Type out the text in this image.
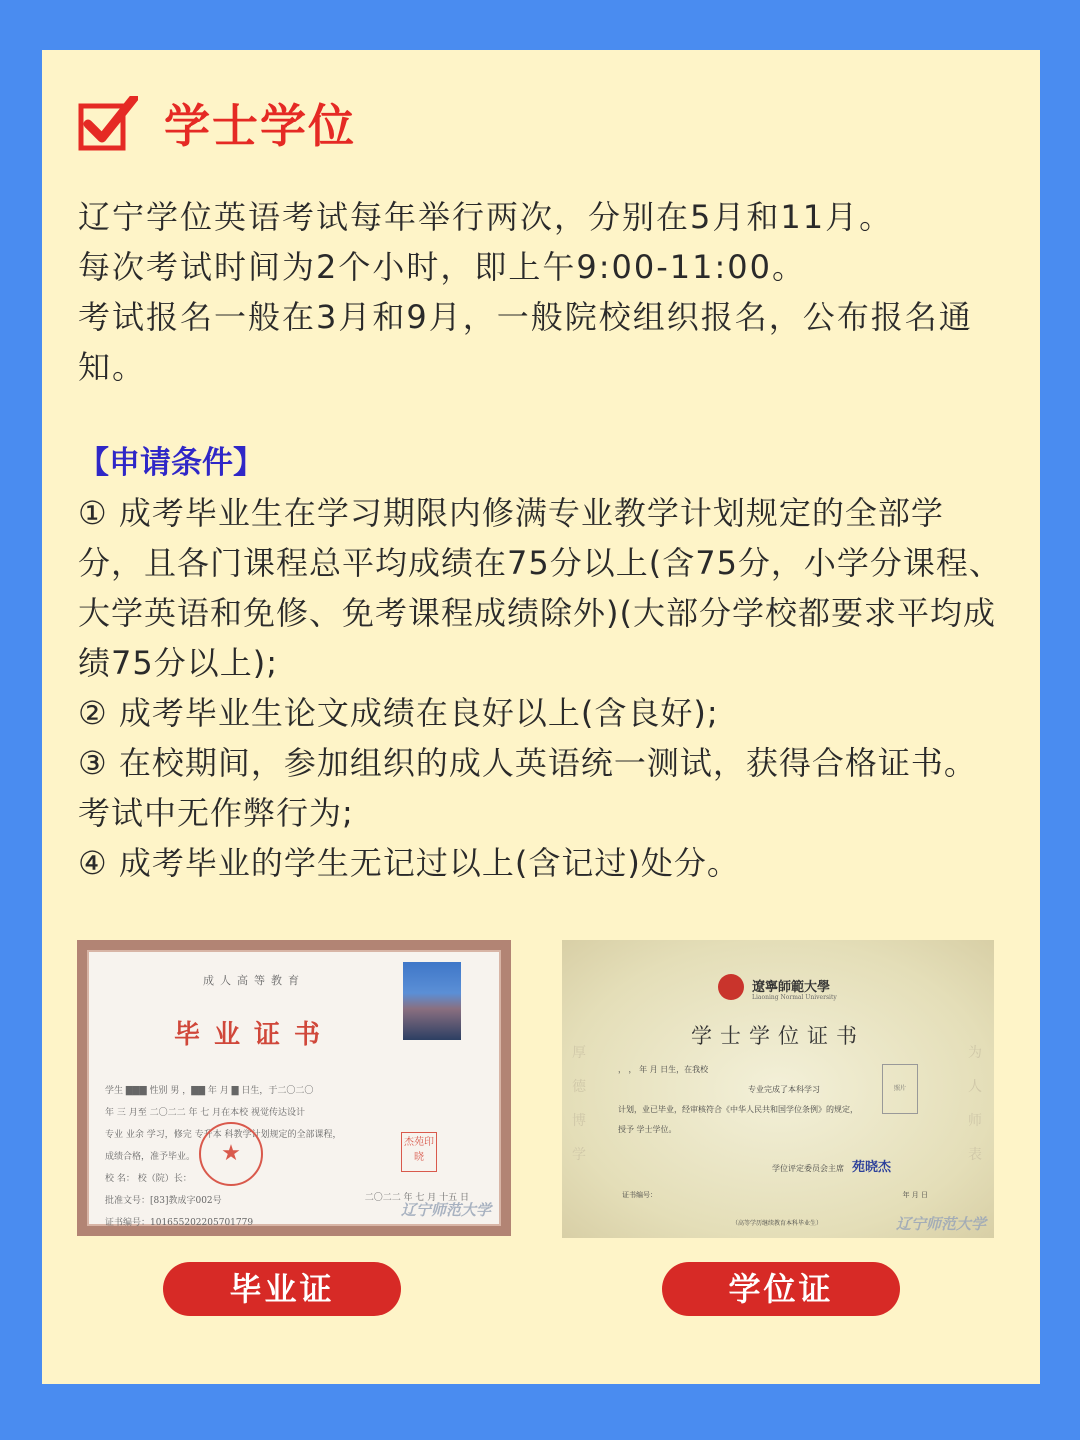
学士学位

辽宁学位英语考试每年举行两次，分别在5月和11月。

每次考试时间为2个小时，即上午9:00-11:00。

考试报名一般在3月和9月，一般院校组织报名，公布报名通知。

【申请条件】

① 成考毕业生在学习期限内修满专业教学计划规定的全部学分，且各门课程总平均成绩在75分以上(含75分，小学分课程、大学英语和免修、免考课程成绩除外)(大部分学校都要求平均成绩75分以上);

② 成考毕业生论文成绩在良好以上(含良好);

③ 在校期间，参加组织的成人英语统一测试，获得合格证书。考试中无作弊行为;

④ 成考毕业的学生无记过以上(含记过)处分。

成人高等教育
毕业证书
学生 ▇▇▇ 性别 男 ，▇▇ 年 月 ▇ 日生，于二〇二〇
年 三 月至 二〇二二 年 七 月在本校 视觉传达设计
专业 业余 学习，修完 专升本 科教学计划规定的全部课程，
成绩合格，准予毕业。
校 名： 校（院）长：
批准文号：[83]教成字002号
证书编号：101655202205701779
★	杰苑印晓
二〇二二 年 七 月 十五 日
辽宁师范大学
遼寧師範大學
Liaoning Normal University
学士学位证书
厚德博学
为人师表
， ， 年 月 日生，在我校
专业完成了本科学习
计划，业已毕业，经审核符合《中华人民共和国学位条例》的规定，
授予 学士学位。
照片
学位评定委员会主席 苑晓杰
证书编号：	年 月 日
（高等学历继续教育本科毕业生）	辽宁师范大学
毕业证	学位证
